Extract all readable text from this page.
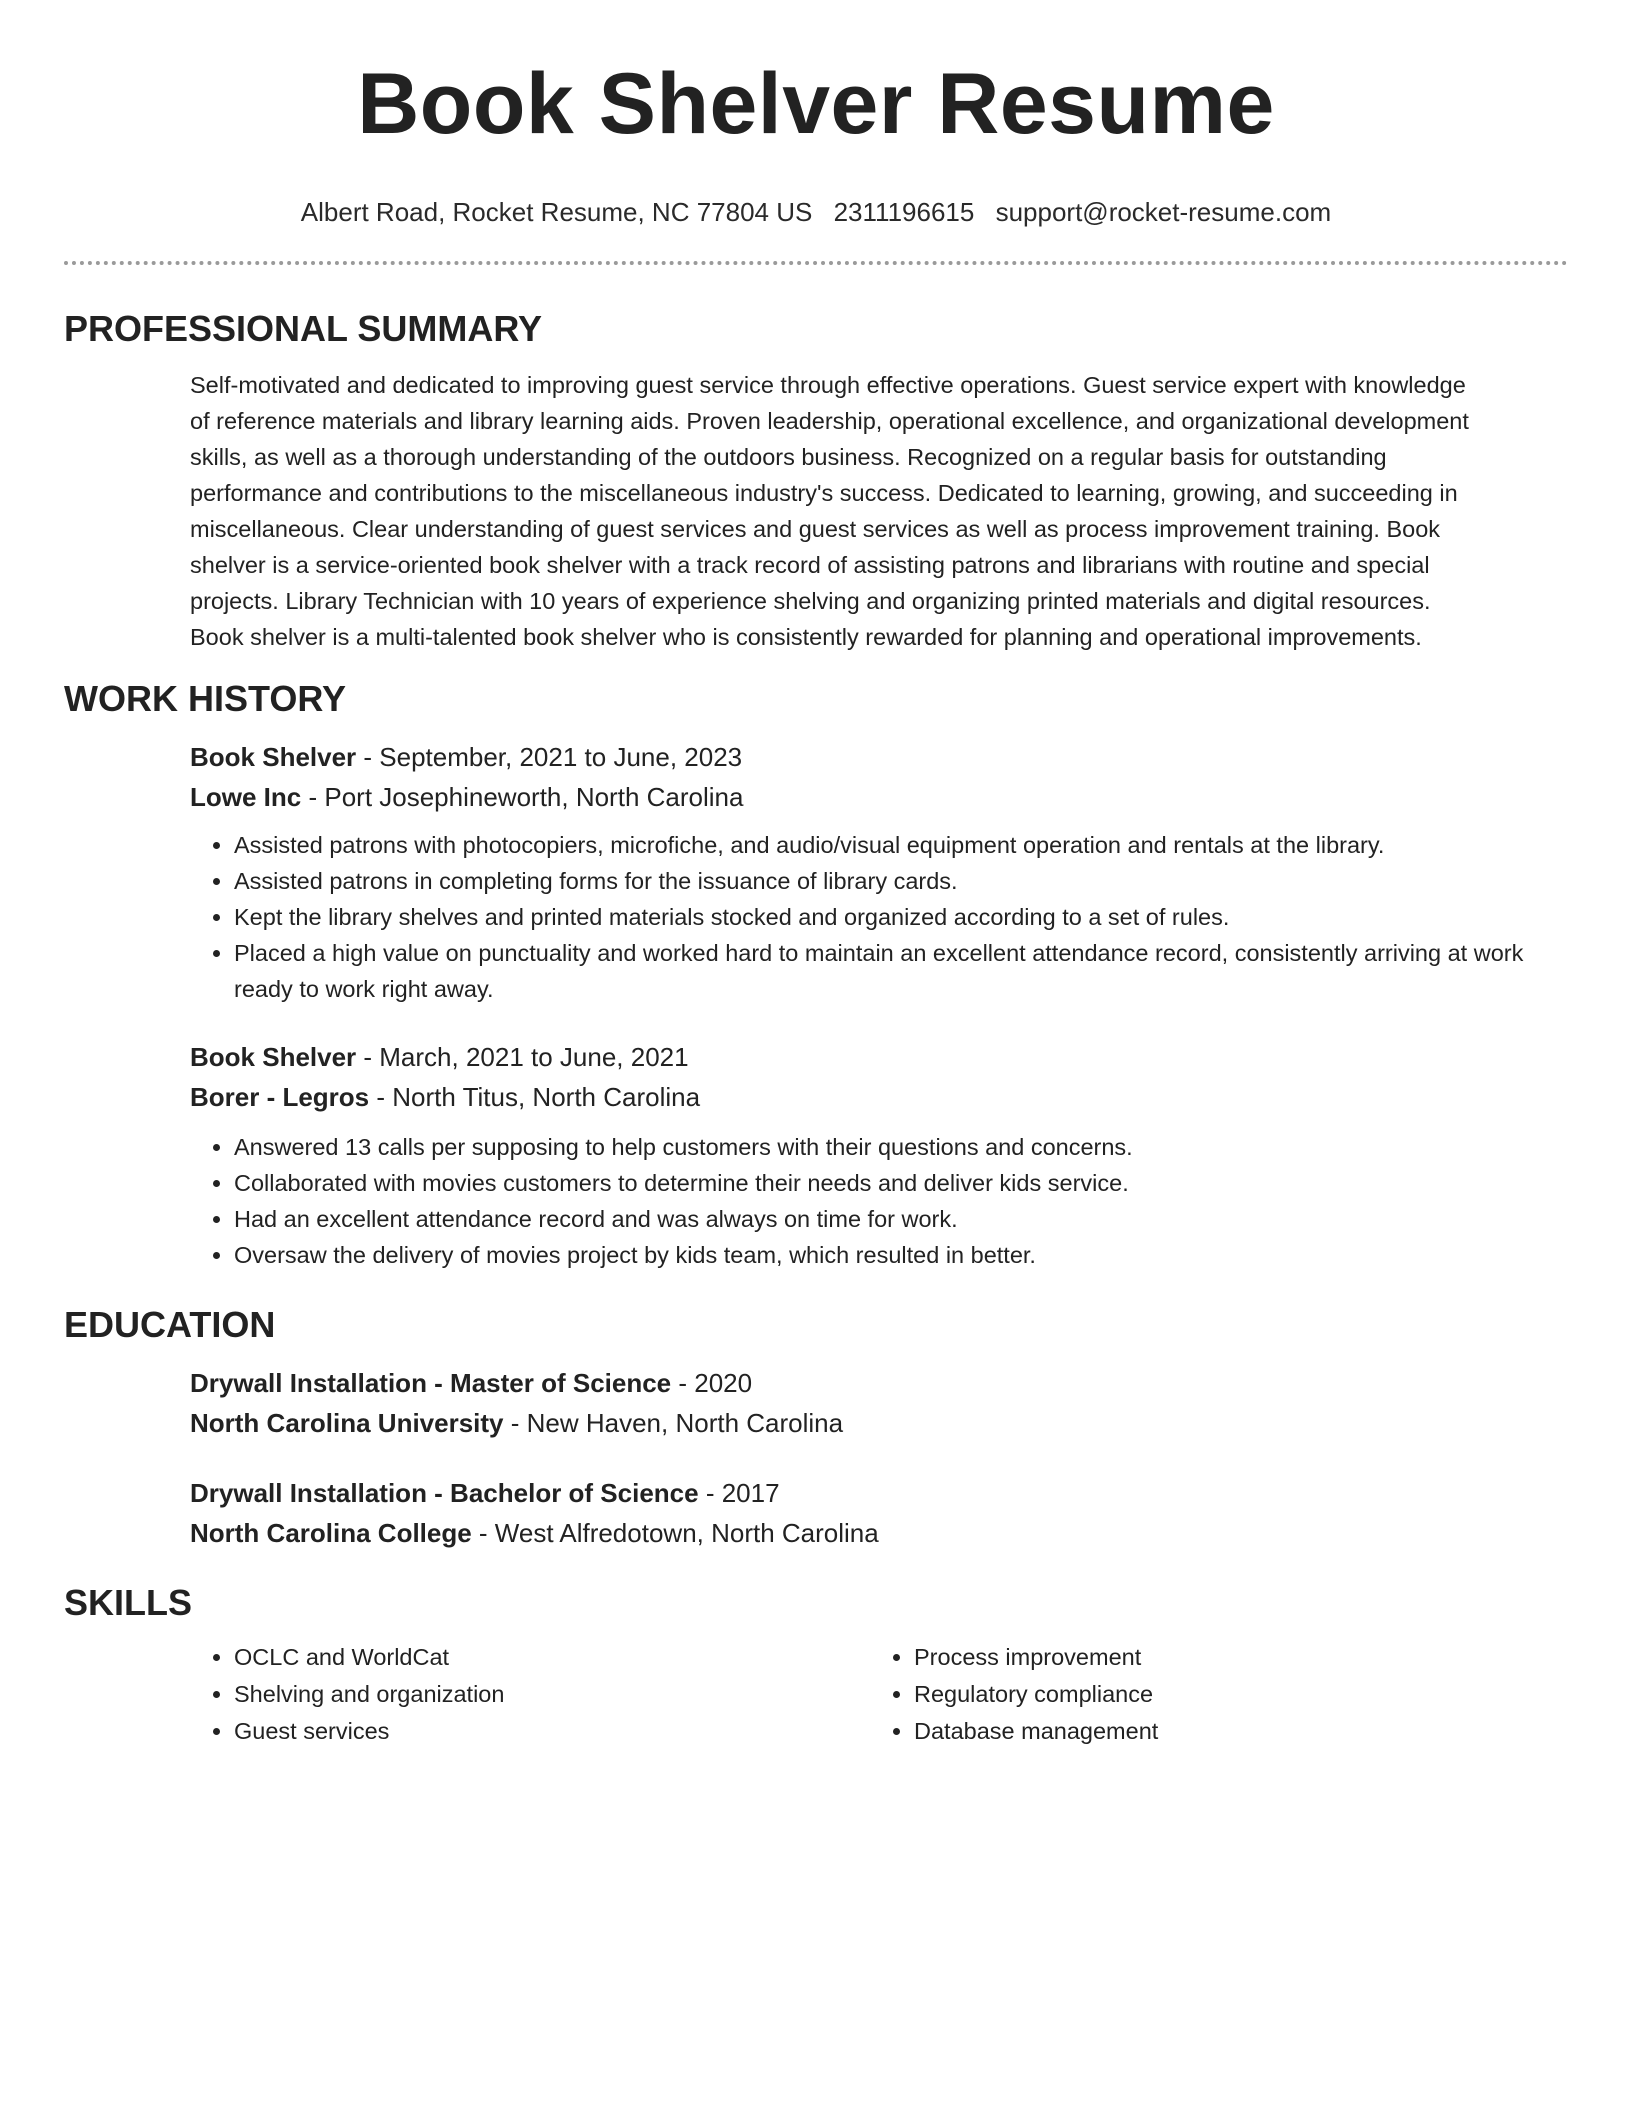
Book Shelver Resume
Albert Road, Rocket Resume, NC 77804 US 2311196615 support@rocket-resume.com
PROFESSIONAL SUMMARY

Self-motivated and dedicated to improving guest service through effective operations. Guest service expert with knowledge
of reference materials and library learning aids. Proven leadership, operational excellence, and organizational development
skills, as well as a thorough understanding of the outdoors business. Recognized on a regular basis for outstanding
performance and contributions to the miscellaneous industry's success. Dedicated to learning, growing, and succeeding in
miscellaneous. Clear understanding of guest services and guest services as well as process improvement training. Book
shelver is a service-oriented book shelver with a track record of assisting patrons and librarians with routine and special
projects. Library Technician with 10 years of experience shelving and organizing printed materials and digital resources.
Book shelver is a multi-talented book shelver who is consistently rewarded for planning and operational improvements.

WORK HISTORY

Book Shelver - September, 2021 to June, 2023

Lowe Inc - Port Josephineworth, North Carolina

• Assisted patrons with photocopiers, microfiche, and audio/visual equipment operation and rentals at the library.
• Assisted patrons in completing forms for the issuance of library cards.
• Kept the library shelves and printed materials stocked and organized according to a set of rules.
• Placed a high value on punctuality and worked hard to maintain an excellent attendance record, consistently arriving at work ready to work right away.

Book Shelver - March, 2021 to June, 2021

Borer - Legros - North Titus, North Carolina

• Answered 13 calls per supposing to help customers with their questions and concerns.
• Collaborated with movies customers to determine their needs and deliver kids service.
• Had an excellent attendance record and was always on time for work.
• Oversaw the delivery of movies project by kids team, which resulted in better.
EDUCATION

Drywall Installation - Master of Science - 2020

North Carolina University - New Haven, North Carolina

Drywall Installation - Bachelor of Science - 2017

North Carolina College - West Alfredotown, North Carolina

SKILLS
• OCLC and WorldCat
• Shelving and organization
• Guest services
• Process improvement
• Regulatory compliance
• Database management
